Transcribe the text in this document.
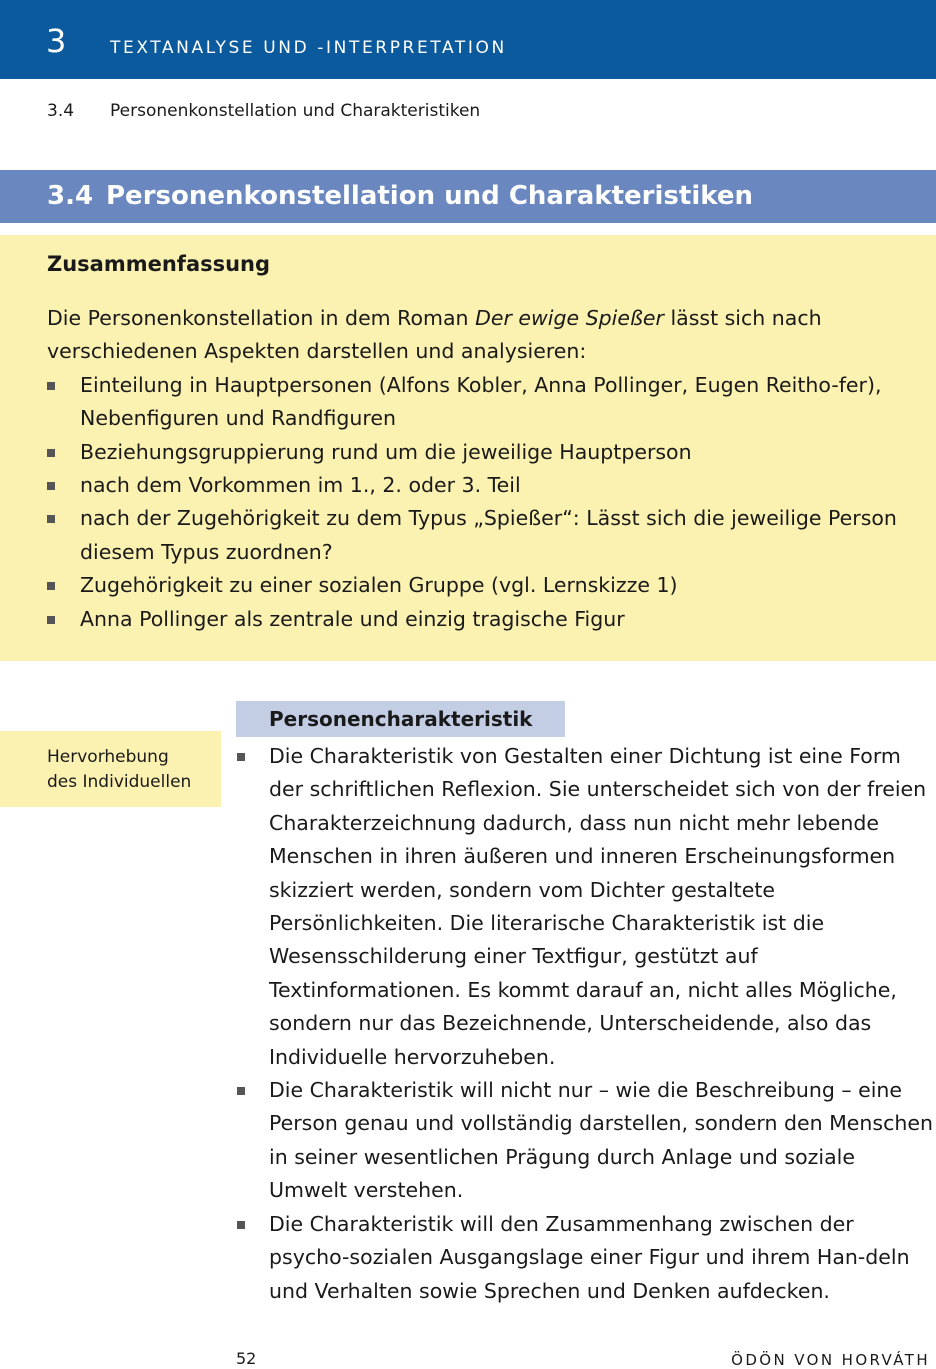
3	TEXTANALYSE UND -INTERPRETATION
3.4 Personenkonstellation und Charakteristiken
3.4 Personenkonstellation und Charakteristiken
Zusammenfassung
Die Personenkonstellation in dem Roman Der ewige Spießer lässt sich nach verschiedenen Aspekten darstellen und analysieren:
Einteilung in Hauptpersonen (Alfons Kobler, Anna Pollinger, Eugen Reitho-fer), Nebenfiguren und Randfiguren
Beziehungsgruppierung rund um die jeweilige Hauptperson
nach dem Vorkommen im 1., 2. oder 3. Teil
nach der Zugehörigkeit zu dem Typus „Spießer“: Lässt sich die jeweilige Person diesem Typus zuordnen?
Zugehörigkeit zu einer sozialen Gruppe (vgl. Lernskizze 1)
Anna Pollinger als zentrale und einzig tragische Figur
Personencharakteristik
Hervorhebung
des Individuellen
Die Charakteristik von Gestalten einer Dichtung ist eine Form der schriftlichen Reflexion. Sie unterscheidet sich von der freien Charakterzeichnung dadurch, dass nun nicht mehr lebende Menschen in ihren äußeren und inneren Erscheinungsformen skizziert werden, sondern vom Dichter gestaltete Persönlichkeiten. Die literarische Charakteristik ist die Wesensschilderung einer Textfigur, gestützt auf Textinformationen. Es kommt darauf an, nicht alles Mögliche, sondern nur das Bezeichnende, Unterscheidende, also das Individuelle hervorzuheben.
Die Charakteristik will nicht nur – wie die Beschreibung – eine Person genau und vollständig darstellen, sondern den Menschen in seiner wesentlichen Prägung durch Anlage und soziale Umwelt verstehen.
Die Charakteristik will den Zusammenhang zwischen der psycho-sozialen Ausgangslage einer Figur und ihrem Han-deln und Verhalten sowie Sprechen und Denken aufdecken.
52	ÖDÖN VON HORVÁTH
